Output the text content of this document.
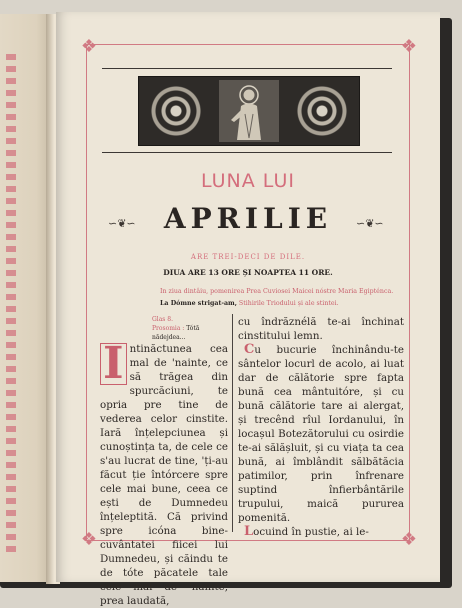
❖	❖
❖	❖
LUNA LUI
∽❦∽	APRILIE	∽❦∽
ARE TREI-DECI DE DILE.
DIUA ARE 13 ORE ȘI NOAPTEA 11 ORE.
In ziua dintâiu, pomenirea Prea Cuviosei Maicei nóstre Maria Egipténca.
La Dómne strigat-am, Stihirile Triodului și ale stintei.
Glas 8.
Prosomia : Tótă nădejdea...

I ntinăctunea cea mal de 'nainte, ce să trăgea din spurcăciuni, te opria pre tine de vederea celor cinstite. Iară înțelepciunea și cunoștința ta, de cele ce s'au lucrat de tine, 'ți-au făcut ție întórcere spre cele mai bune, ceea ce ești de Dumnedeu înțeleptită. Că privind spre icóna bine-cuvântatei fiicei lui Dumnedeu, și căindu te de tóte păcatele tale cele mai de 'nainte, prea laudată,

cu îndrăznélă te-ai închinat cinstitului lemn.

Cu bucurie închinându-te sântelor locurl de acolo, ai luat dar de călătorie spre fapta bună cea mântuitóre, și cu bună călătorie tare ai alergat, și trecênd rîul Iordanului, în locașul Botezătorului cu osirdie te-ai sălășluit, și cu viața ta cea bună, ai îmblândit sălbătăcia patimilor, prin înfrenare suptind înfierbântările trupului, maică pururea pomenită.

Locuind în pustie, ai le-
